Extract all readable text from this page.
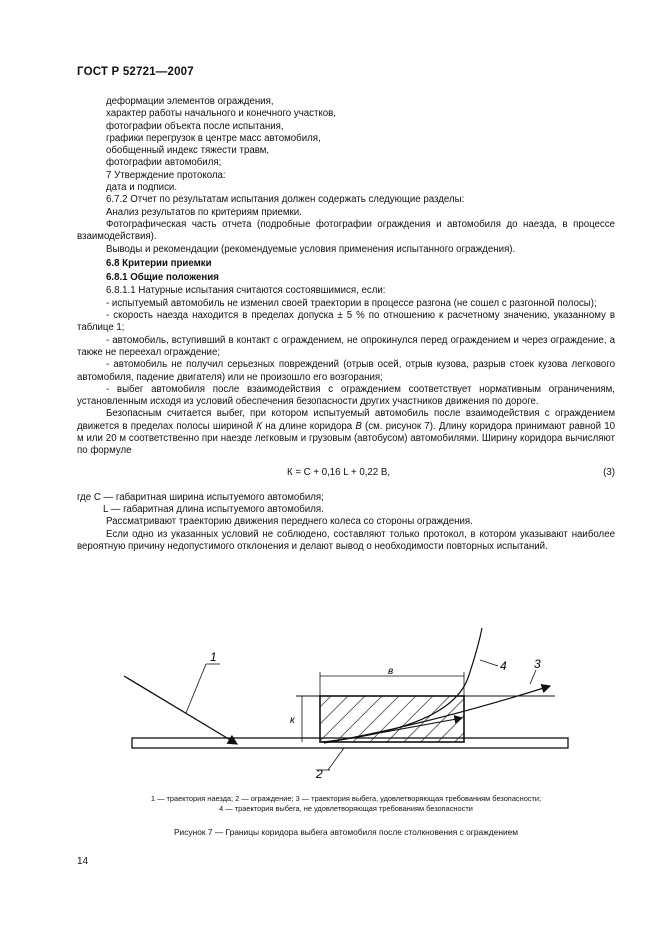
ГОСТ Р 52721—2007

деформации элементов ограждения,

характер работы начального и конечного участков,

фотографии объекта после испытания,

графики перегрузок в центре масс автомобиля,

обобщенный индекс тяжести травм,

фотографии автомобиля;

7 Утверждение протокола:

дата и подписи.

6.7.2 Отчет по результатам испытания должен содержать следующие разделы:

Анализ результатов по критериям приемки.

Фотографическая часть отчета (подробные фотографии ограждения и автомобиля до наезда, в процессе взаимодействия).

Выводы и рекомендации (рекомендуемые условия применения испытанного ограждения).

6.8 Критерии приемки

6.8.1 Общие положения

6.8.1.1 Натурные испытания считаются состоявшимися, если:

- испытуемый автомобиль не изменил своей траектории в процессе разгона (не сошел с разгонной полосы);

- скорость наезда находится в пределах допуска ± 5 % по отношению к расчетному значению, указанному в таблице 1;

- автомобиль, вступивший в контакт с ограждением, не опрокинулся перед ограждением и через ограждение, а также не переехал ограждение;

- автомобиль не получил серьезных повреждений (отрыв осей, отрыв кузова, разрыв стоек кузова легкового автомобиля, падение двигателя) или не произошло его возгорания;

- выбег автомобиля после взаимодействия с ограждением соответствует нормативным ограничениям, установленным исходя из условий обеспечения безопасности других участников движения по дороге.

Безопасным считается выбег, при котором испытуемый автомобиль после взаимодействия с ограждением движется в пределах полосы шириной К на длине коридора В (см. рисунок 7). Длину коридора принимают равной 10 м или 20 м соответственно при наезде легковым и грузовым (автобусом) автомобилями. Ширину коридора вычисляют по формуле

К = С + 0,16 L + 0,22 В,	(3)

где С — габаритная ширина испытуемого автомобиля;

L — габаритная длина испытуемого автомобиля.

Рассматривают траекторию движения переднего колеса со стороны ограждения.

Если одно из указанных условий не соблюдено, составляют только протокол, в котором указывают наиболее вероятную причину недопустимого отклонения и делают вывод о необходимости повторных испытаний.

в
к
1
4 3
2
1 — траектория наезда; 2 — ограждение; 3 — траектория выбега, удовлетворяющая требованиям безопасности;
4 — траектория выбега, не удовлетворяющая требованиям безопасности
Рисунок 7 — Границы коридора выбега автомобиля после столкновения с ограждением
14
